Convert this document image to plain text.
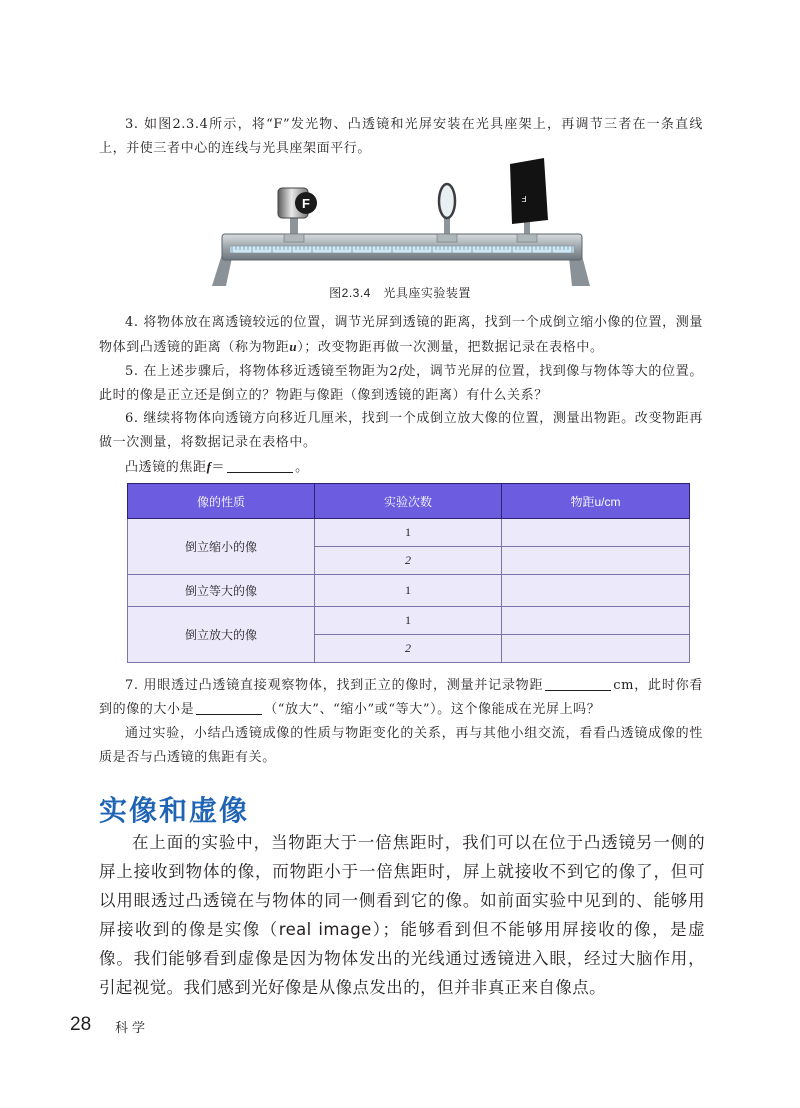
3. 如图2.3.4所示，将“F”发光物、凸透镜和光屏安装在光具座架上，再调节三者在一条直线上，并使三者中心的连线与光具座架面平行。

F	F
图2.3.4　光具座实验装置

4. 将物体放在离透镜较远的位置，调节光屏到透镜的距离，找到一个成倒立缩小像的位置，测量物体到凸透镜的距离（称为物距u）；改变物距再做一次测量，把数据记录在表格中。

5. 在上述步骤后，将物体移近透镜至物距为2f处，调节光屏的位置，找到像与物体等大的位置。此时的像是正立还是倒立的？物距与像距（像到透镜的距离）有什么关系？

6. 继续将物体向透镜方向移近几厘米，找到一个成倒立放大像的位置，测量出物距。改变物距再做一次测量，将数据记录在表格中。

凸透镜的焦距f＝	。

像的性质	实验次数	物距u/cm
倒立缩小的像	1	
	2	
倒立等大的像	1	
倒立放大的像	1	
	2	

7. 用眼透过凸透镜直接观察物体，找到正立的像时，测量并记录物距	cm，此时你看到的像的大小是	（“放大”、“缩小”或“等大”）。这个像能成在光屏上吗？

通过实验，小结凸透镜成像的性质与物距变化的关系，再与其他小组交流，看看凸透镜成像的性质是否与凸透镜的焦距有关。

实像和虚像

在上面的实验中，当物距大于一倍焦距时，我们可以在位于凸透镜另一侧的屏上接收到物体的像，而物距小于一倍焦距时，屏上就接收不到它的像了，但可以用眼透过凸透镜在与物体的同一侧看到它的像。如前面实验中见到的、能够用屏接收到的像是实像（real image）；能够看到但不能够用屏接收的像，是虚像。我们能够看到虚像是因为物体发出的光线通过透镜进入眼，经过大脑作用，引起视觉。我们感到光好像是从像点发出的，但并非真正来自像点。

28 科学
